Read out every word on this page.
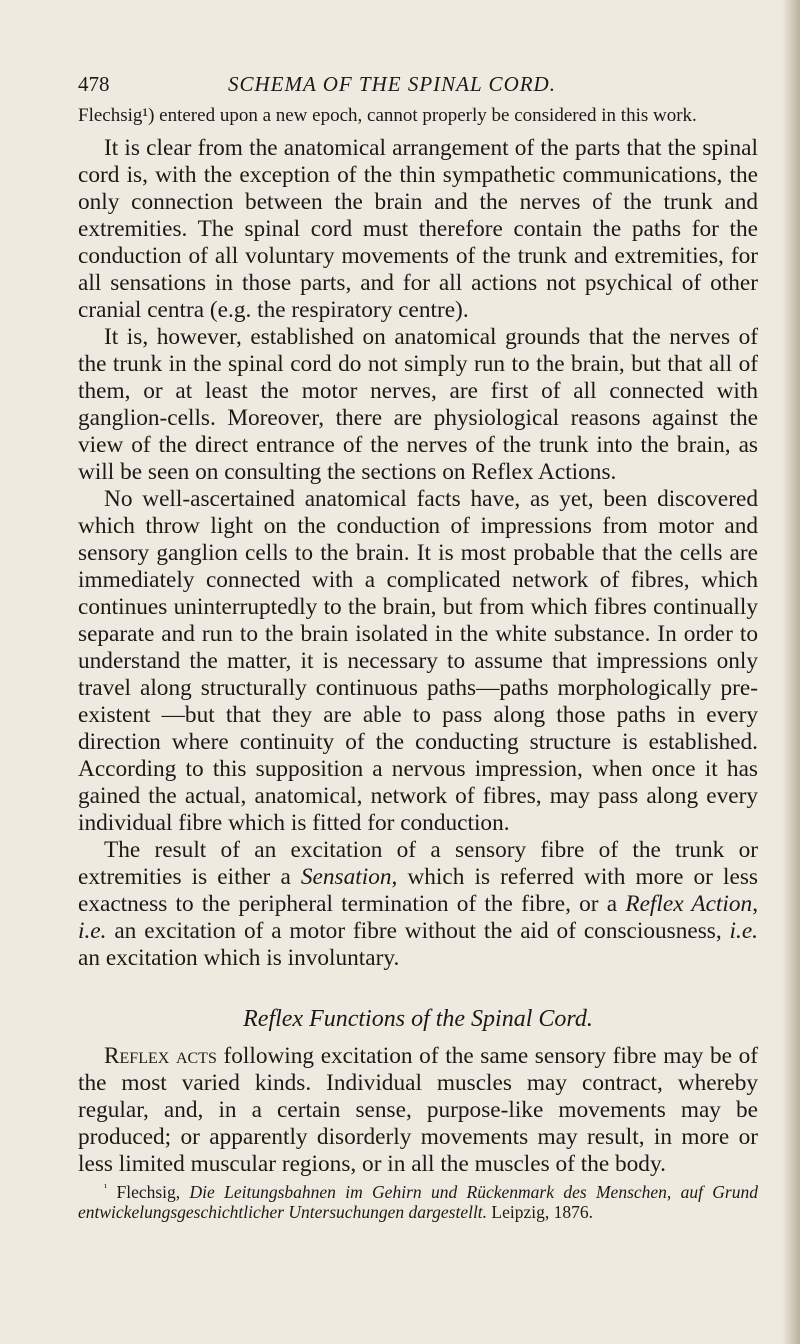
478	SCHEMA OF THE SPINAL CORD.

Flechsig¹) entered upon a new epoch, cannot properly be considered in this work.

It is clear from the anatomical arrangement of the parts that the spinal cord is, with the exception of the thin sympathetic communications, the only connection between the brain and the nerves of the trunk and extremities. The spinal cord must therefore contain the paths for the conduction of all voluntary movements of the trunk and extremities, for all sensations in those parts, and for all actions not psychical of other cranial centra (e.g. the respiratory centre).

It is, however, established on anatomical grounds that the nerves of the trunk in the spinal cord do not simply run to the brain, but that all of them, or at least the motor nerves, are first of all connected with ganglion-cells. Moreover, there are physiological reasons against the view of the direct entrance of the nerves of the trunk into the brain, as will be seen on consulting the sections on Reflex Actions.

No well-ascertained anatomical facts have, as yet, been discovered which throw light on the conduction of impressions from motor and sensory ganglion cells to the brain. It is most probable that the cells are immediately connected with a complicated network of fibres, which continues uninterruptedly to the brain, but from which fibres continually separate and run to the brain isolated in the white substance. In order to understand the matter, it is necessary to assume that impressions only travel along structurally continuous paths—paths morphologically pre-existent —but that they are able to pass along those paths in every direction where continuity of the conducting structure is established. According to this supposition a nervous impression, when once it has gained the actual, anatomical, network of fibres, may pass along every individual fibre which is fitted for conduction.

The result of an excitation of a sensory fibre of the trunk or extremities is either a Sensation, which is referred with more or less exactness to the peripheral termination of the fibre, or a Reflex Action, i.e. an excitation of a motor fibre without the aid of consciousness, i.e. an excitation which is involuntary.

Reflex Functions of the Spinal Cord.

Reflex acts following excitation of the same sensory fibre may be of the most varied kinds. Individual muscles may contract, whereby regular, and, in a certain sense, purpose-like movements may be produced; or apparently disorderly movements may result, in more or less limited muscular regions, or in all the muscles of the body.

$^{^1}$ Flechsig, Die Leitungsbahnen im Gehirn und Rückenmark des Menschen, auf Grund entwickelungsgeschichtlicher Untersuchungen dargestellt. Leipzig, 1876.
